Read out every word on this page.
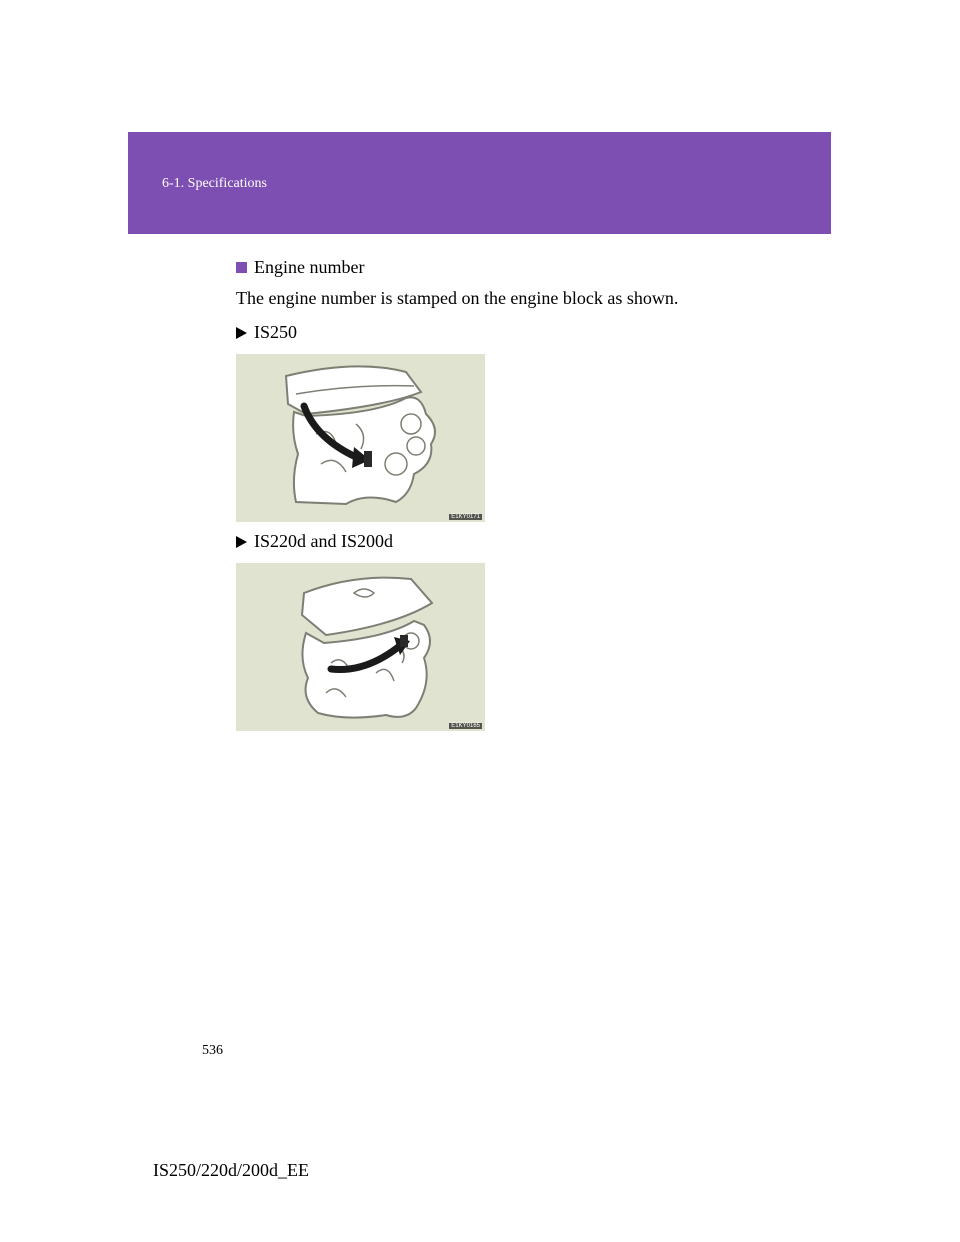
6-1. Specifications
Engine number
The engine number is stamped on the engine block as shown.
IS250
E1KY0171
IS220d and IS200d
E1KY0165
536
IS250/220d/200d_EE
